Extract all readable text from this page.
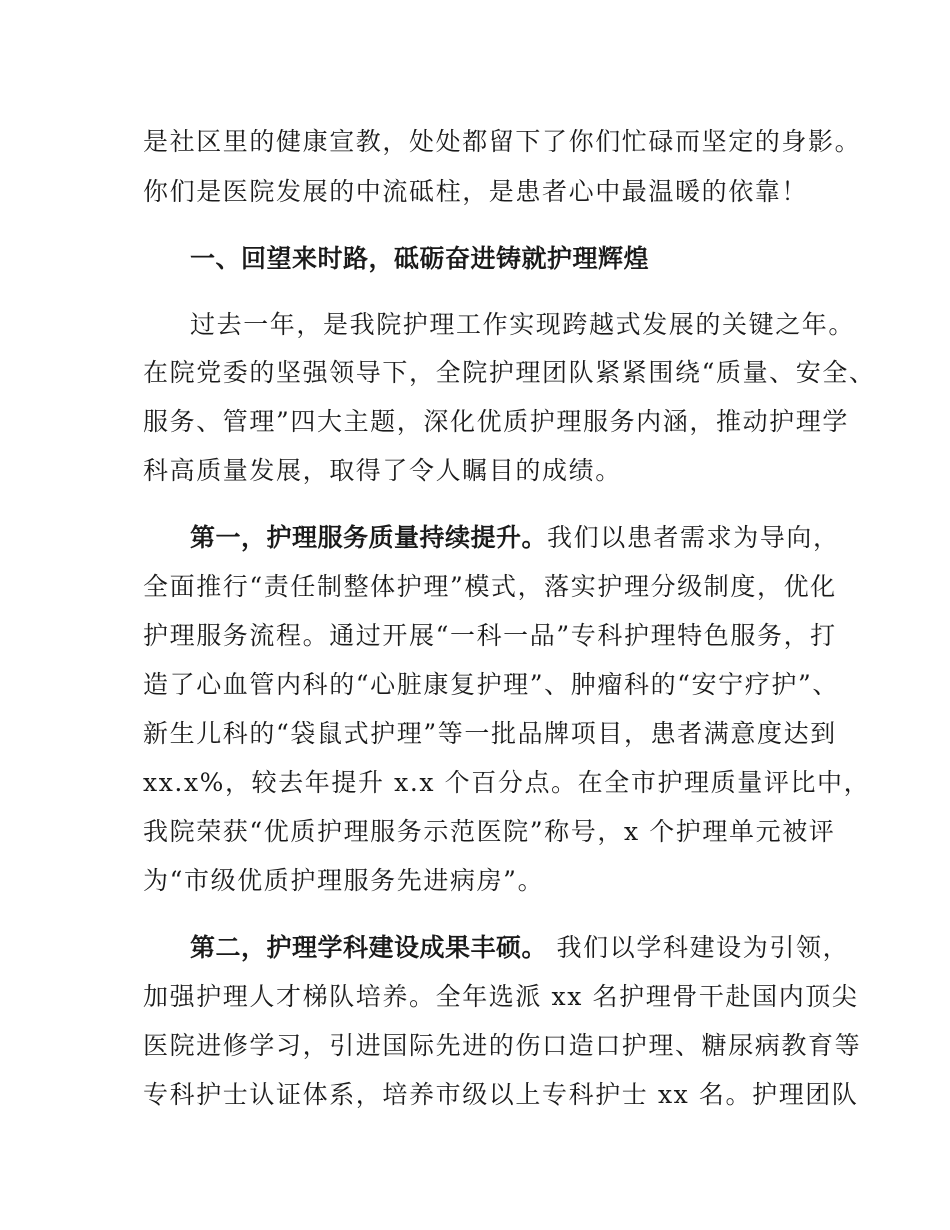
是社区里的健康宣教，处处都留下了你们忙碌而坚定的身影。
你们是医院发展的中流砥柱，是患者心中最温暖的依靠！
一、回望来时路，砥砺奋进铸就护理辉煌
过去一年，是我院护理工作实现跨越式发展的关键之年。
在院党委的坚强领导下，全院护理团队紧紧围绕“质量、安全、
服务、管理”四大主题，深化优质护理服务内涵，推动护理学
科高质量发展，取得了令人瞩目的成绩。
第一，护理服务质量持续提升。我们以患者需求为导向，
全面推行“责任制整体护理”模式，落实护理分级制度，优化
护理服务流程。通过开展“一科一品”专科护理特色服务，打
造了心血管内科的“心脏康复护理”、肿瘤科的“安宁疗护”、
新生儿科的“袋鼠式护理”等一批品牌项目，患者满意度达到
xx.x%，较去年提升 x.x 个百分点。在全市护理质量评比中，
我院荣获“优质护理服务示范医院”称号，x 个护理单元被评
为“市级优质护理服务先进病房”。
第二，护理学科建设成果丰硕。 我们以学科建设为引领，
加强护理人才梯队培养。全年选派 xx 名护理骨干赴国内顶尖
医院进修学习，引进国际先进的伤口造口护理、糖尿病教育等
专科护士认证体系，培养市级以上专科护士 xx 名。护理团队
